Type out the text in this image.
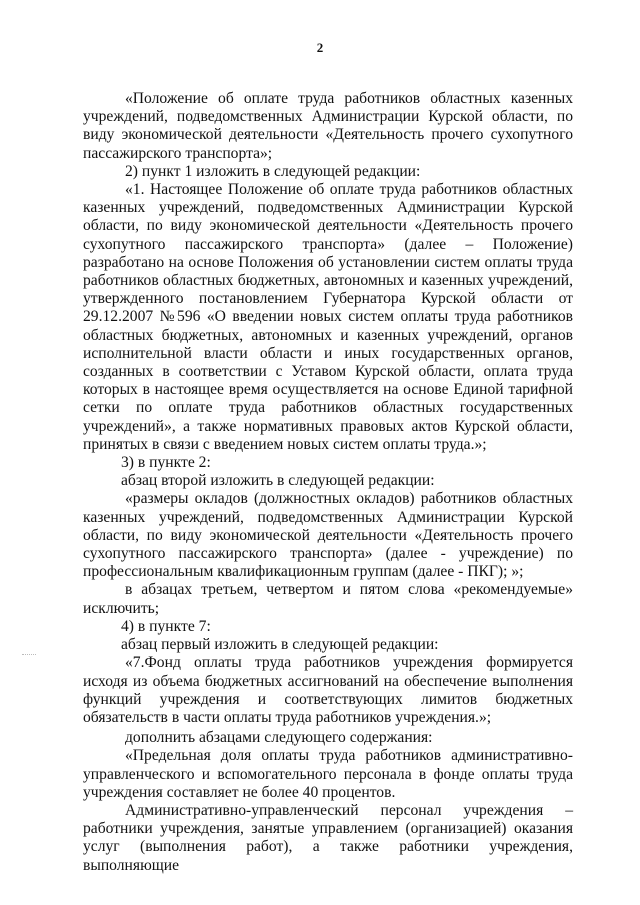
2

«Положение об оплате труда работников областных казенных учреждений, подведомственных Администрации Курской области, по виду экономической деятельности «Деятельность прочего сухопутного пассажирского транспорта»;

2) пункт 1 изложить в следующей редакции:

«1. Настоящее Положение об оплате труда работников областных казенных учреждений, подведомственных Администрации Курской области, по виду экономической деятельности «Деятельность прочего сухопутного пассажирского транспорта» (далее – Положение) разработано на основе Положения об установлении систем оплаты труда работников областных бюджетных, автономных и казенных учреждений, утвержденного постановлением Губернатора Курской области от 29.12.2007 №596 «О введении новых систем оплаты труда работников областных бюджетных, автономных и казенных учреждений, органов исполнительной власти области и иных государственных органов, созданных в соответствии с Уставом Курской области, оплата труда которых в настоящее время осуществляется на основе Единой тарифной сетки по оплате труда работников областных государственных учреждений», а также нормативных правовых актов Курской области, принятых в связи с введением новых систем оплаты труда.»;

3) в пункте 2:

абзац второй изложить в следующей редакции:

«размеры окладов (должностных окладов) работников областных казенных учреждений, подведомственных Администрации Курской области, по виду экономической деятельности «Деятельность прочего сухопутного пассажирского транспорта» (далее - учреждение) по профессиональным квалификационным группам (далее - ПКГ); »;

в абзацах третьем, четвертом и пятом слова «рекомендуемые» исключить;

4) в пункте 7:

абзац первый изложить в следующей редакции:

«7.Фонд оплаты труда работников учреждения формируется исходя из объема бюджетных ассигнований на обеспечение выполнения функций учреждения и соответствующих лимитов бюджетных обязательств в части оплаты труда работников учреждения.»;

дополнить абзацами следующего содержания:

«Предельная доля оплаты труда работников административно-управленческого и вспомогательного персонала в фонде оплаты труда учреждения составляет не более 40 процентов.

Административно-управленческий персонал учреждения – работники учреждения, занятые управлением (организацией) оказания услуг (выполнения работ), а также работники учреждения, выполняющие
